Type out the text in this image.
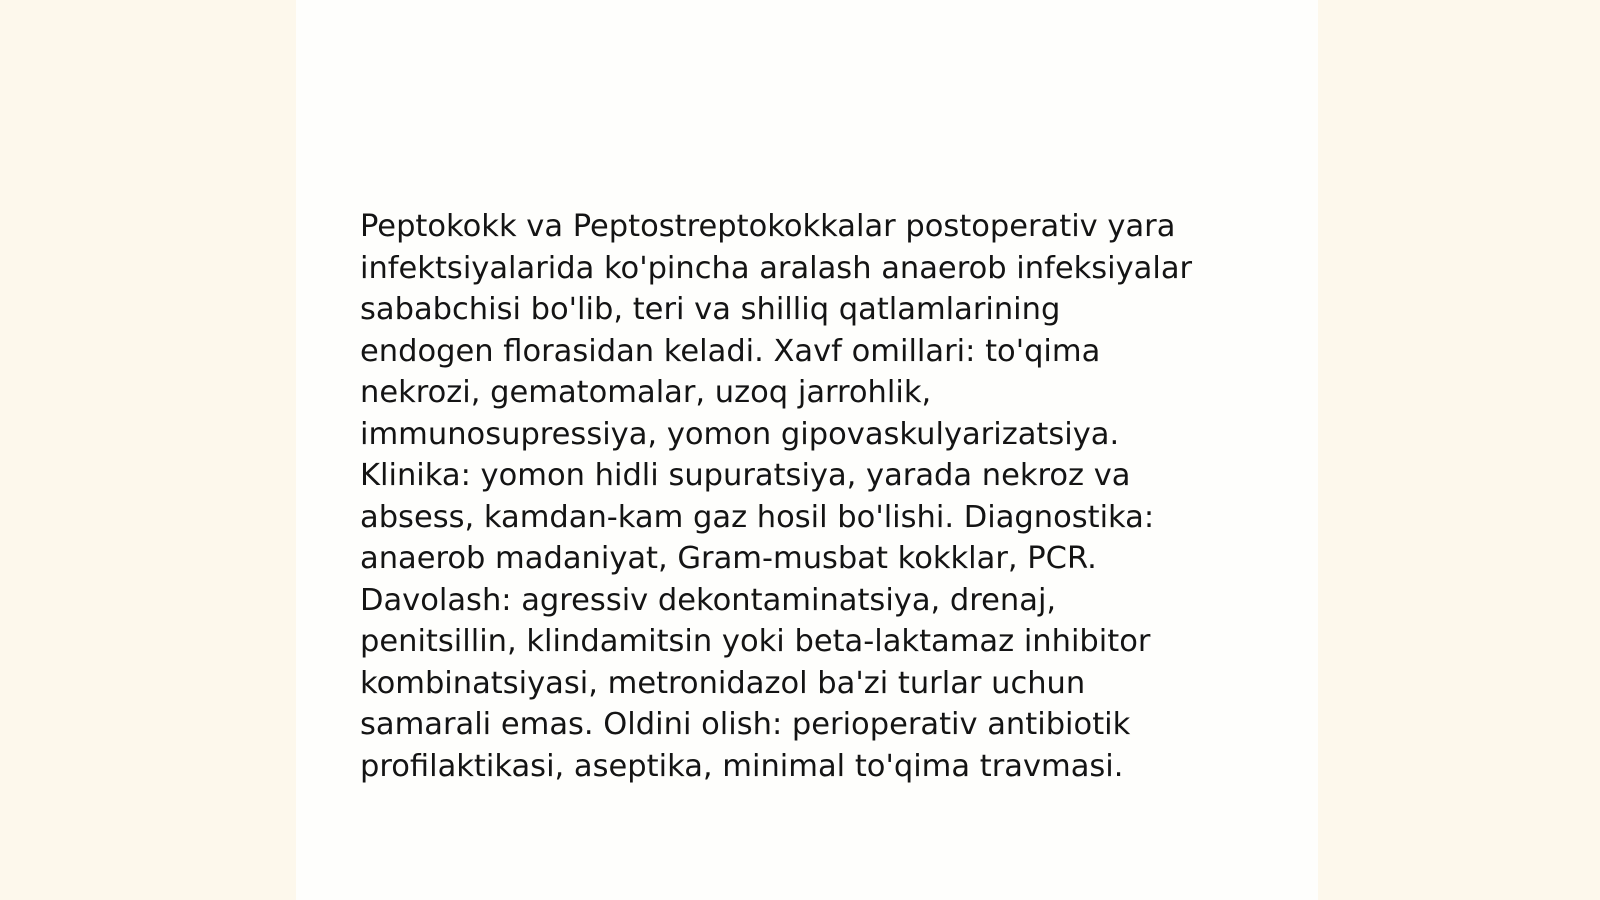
Peptokokk va Peptostreptokokkalar postoperativ yara
infektsiyalarida ko'pincha aralash anaerob infeksiyalar
sababchisi bo'lib, teri va shilliq qatlamlarining
endogen florasidan keladi. Xavf omillari: to'qima
nekrozi, gematomalar, uzoq jarrohlik,
immunosupressiya, yomon gipovaskulyarizatsiya.
Klinika: yomon hidli supuratsiya, yarada nekroz va
absess, kamdan-kam gaz hosil bo'lishi. Diagnostika:
anaerob madaniyat, Gram-musbat kokklar, PCR.
Davolash: agressiv dekontaminatsiya, drenaj,
penitsillin, klindamitsin yoki beta-laktamaz inhibitor
kombinatsiyasi, metronidazol ba'zi turlar uchun
samarali emas. Oldini olish: perioperativ antibiotik
profilaktikasi, aseptika, minimal to'qima travmasi.
